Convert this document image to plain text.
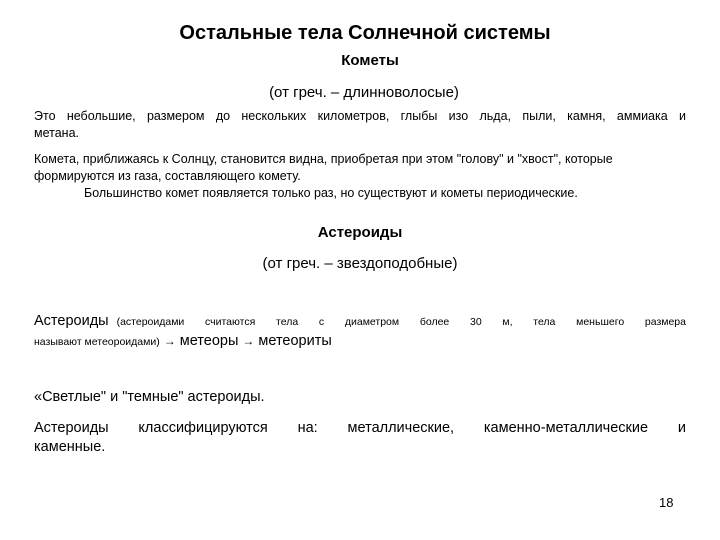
Остальные тела Солнечной системы
Кометы
(от греч. – длинноволосые)
Это небольшие, размером до нескольких километров, глыбы изо льда, пыли, камня, аммиака и
метана.
Комета, приближаясь к Солнцу, становится видна, приобретая при этом "голову" и "хвост", которые
формируются из газа, составляющего комету.
Большинство комет появляется только раз, но существуют и кометы периодические.
Астероиды
(от греч. – звездоподобные)
Астероиды (астероидами считаются тела с диаметром более 30 м, тела меньшего размера
называют метеороидами) → метеоры → метеориты
«Светлые" и "темные" астероиды.
Астероиды классифицируются на: металлические, каменно-металлические и
каменные.
18
